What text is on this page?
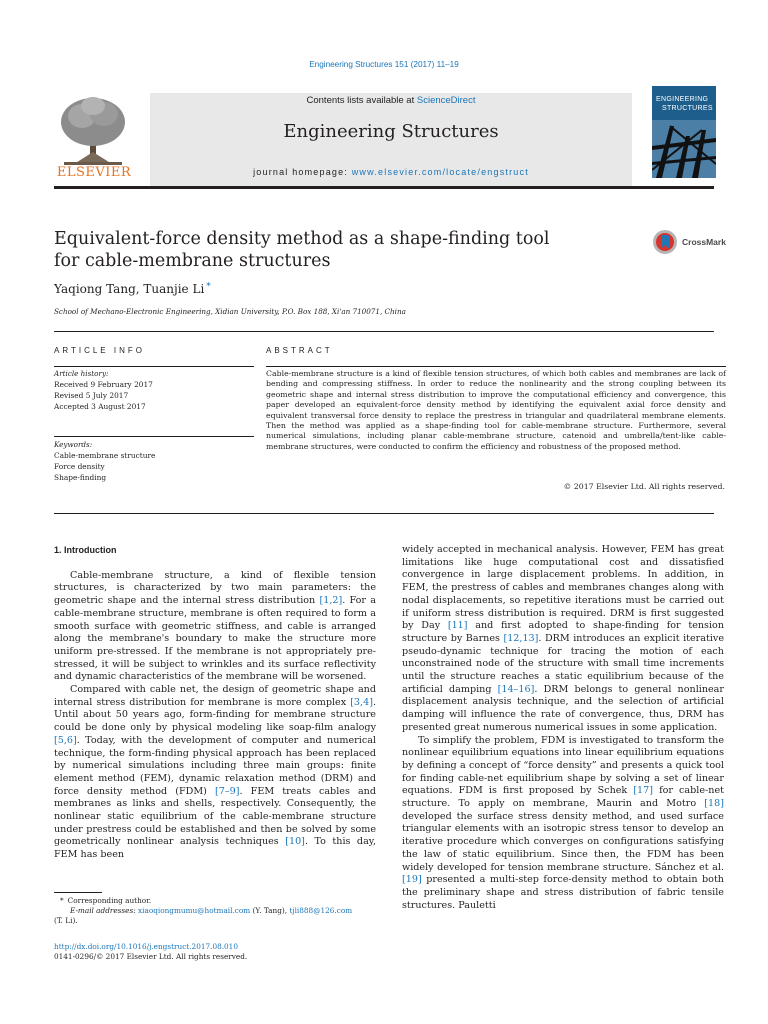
Engineering Structures 151 (2017) 11–19
ELSEVIER
Contents lists available at ScienceDirect
Engineering Structures
journal homepage: www.elsevier.com/locate/engstruct
ENGINEERING
STRUCTURES
Equivalent-force density method as a shape-finding tool
for cable-membrane structures
CrossMark
Yaqiong Tang, Tuanjie Li *
School of Mechano-Electronic Engineering, Xidian University, P.O. Box 188, Xi'an 710071, China
ARTICLE INFO	ABSTRACT
Article history:
Received 9 February 2017
Revised 5 July 2017
Accepted 3 August 2017
Keywords:
Cable-membrane structure
Force density
Shape-finding
Cable-membrane structure is a kind of flexible tension structures, of which both cables and membranes are lack of bending and compressing stiffness. In order to reduce the nonlinearity and the strong coupling between its geometric shape and internal stress distribution to improve the computational efficiency and convergence, this paper developed an equivalent-force density method by identifying the equivalent axial force density and equivalent transversal force density to replace the prestress in triangular and quadrilateral membrane elements. Then the method was applied as a shape-finding tool for cable-membrane structure. Furthermore, several numerical simulations, including planar cable-membrane structure, catenoid and umbrella/tent-like cable-membrane structures, were conducted to confirm the efficiency and robustness of the proposed method.
© 2017 Elsevier Ltd. All rights reserved.
1. Introduction

Cable-membrane structure, a kind of flexible tension structures, is characterized by two main parameters: the geometric shape and the internal stress distribution [1,2]. For a cable-membrane structure, membrane is often required to form a smooth surface with geometric stiffness, and cable is arranged along the membrane's boundary to make the structure more uniform pre-stressed. If the membrane is not appropriately pre-stressed, it will be subject to wrinkles and its surface reflectivity and dynamic characteristics of the membrane will be worsened.

Compared with cable net, the design of geometric shape and internal stress distribution for membrane is more complex [3,4]. Until about 50 years ago, form-finding for membrane structure could be done only by physical modeling like soap-film analogy [5,6]. Today, with the development of computer and numerical technique, the form-finding physical approach has been replaced by numerical simulations including three main groups: finite element method (FEM), dynamic relaxation method (DRM) and force density method (FDM) [7–9]. FEM treats cables and membranes as links and shells, respectively. Consequently, the nonlinear static equilibrium of the cable-membrane structure under prestress could be established and then be solved by some geometrically nonlinear analysis techniques [10]. To this day, FEM has been

widely accepted in mechanical analysis. However, FEM has great limitations like huge computational cost and dissatisfied convergence in large displacement problems. In addition, in FEM, the prestress of cables and membranes changes along with nodal displacements, so repetitive iterations must be carried out if uniform stress distribution is required. DRM is first suggested by Day [11] and first adopted to shape-finding for tension structure by Barnes [12,13]. DRM introduces an explicit iterative pseudo-dynamic technique for tracing the motion of each unconstrained node of the structure with small time increments until the structure reaches a static equilibrium because of the artificial damping [14–16]. DRM belongs to general nonlinear displacement analysis technique, and the selection of artificial damping will influence the rate of convergence, thus, DRM has presented great numerous numerical issues in some application.

To simplify the problem, FDM is investigated to transform the nonlinear equilibrium equations into linear equilibrium equations by defining a concept of “force density” and presents a quick tool for finding cable-net equilibrium shape by solving a set of linear equations. FDM is first proposed by Schek [17] for cable-net structure. To apply on membrane, Maurin and Motro [18] developed the surface stress density method, and used surface triangular elements with an isotropic stress tensor to develop an iterative procedure which converges on configurations satisfying the law of static equilibrium. Since then, the FDM has been widely developed for tension membrane structure. Sánchez et al. [19] presented a multi-step force-density method to obtain both the preliminary shape and stress distribution of fabric tensile structures. Pauletti

* Corresponding author.
E-mail addresses: xiaoqiongmumu@hotmail.com (Y. Tang), tjli888@126.com
(T. Li).
http://dx.doi.org/10.1016/j.engstruct.2017.08.010
0141-0296/© 2017 Elsevier Ltd. All rights reserved.
